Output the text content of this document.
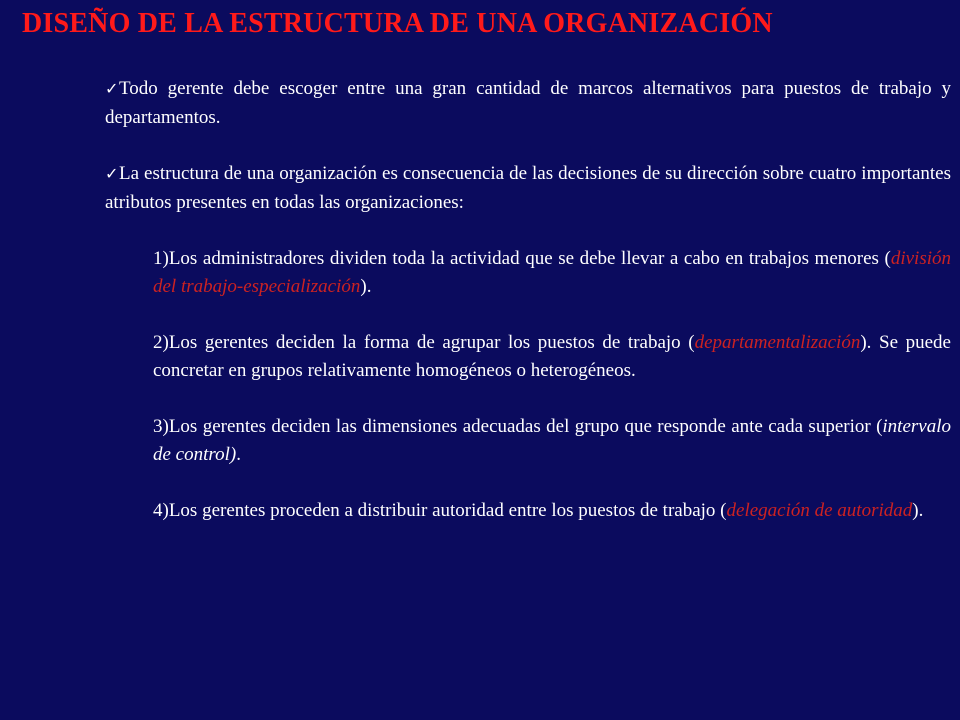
DISEÑO DE LA ESTRUCTURA DE UNA ORGANIZACIÓN

✓Todo gerente debe escoger entre una gran cantidad de marcos alternativos para puestos de trabajo y departamentos.

✓La estructura de una organización es consecuencia de las decisiones de su dirección sobre cuatro importantes atributos presentes en todas las organizaciones:

1)Los administradores dividen toda la actividad que se debe llevar a cabo en trabajos menores (división del trabajo-especialización).

2)Los gerentes deciden la forma de agrupar los puestos de trabajo (departamentalización). Se puede concretar en grupos relativamente homogéneos o heterogéneos.

3)Los gerentes deciden las dimensiones adecuadas del grupo que responde ante cada superior (intervalo de control).

4)Los gerentes proceden a distribuir autoridad entre los puestos de trabajo (delegación de autoridad).
